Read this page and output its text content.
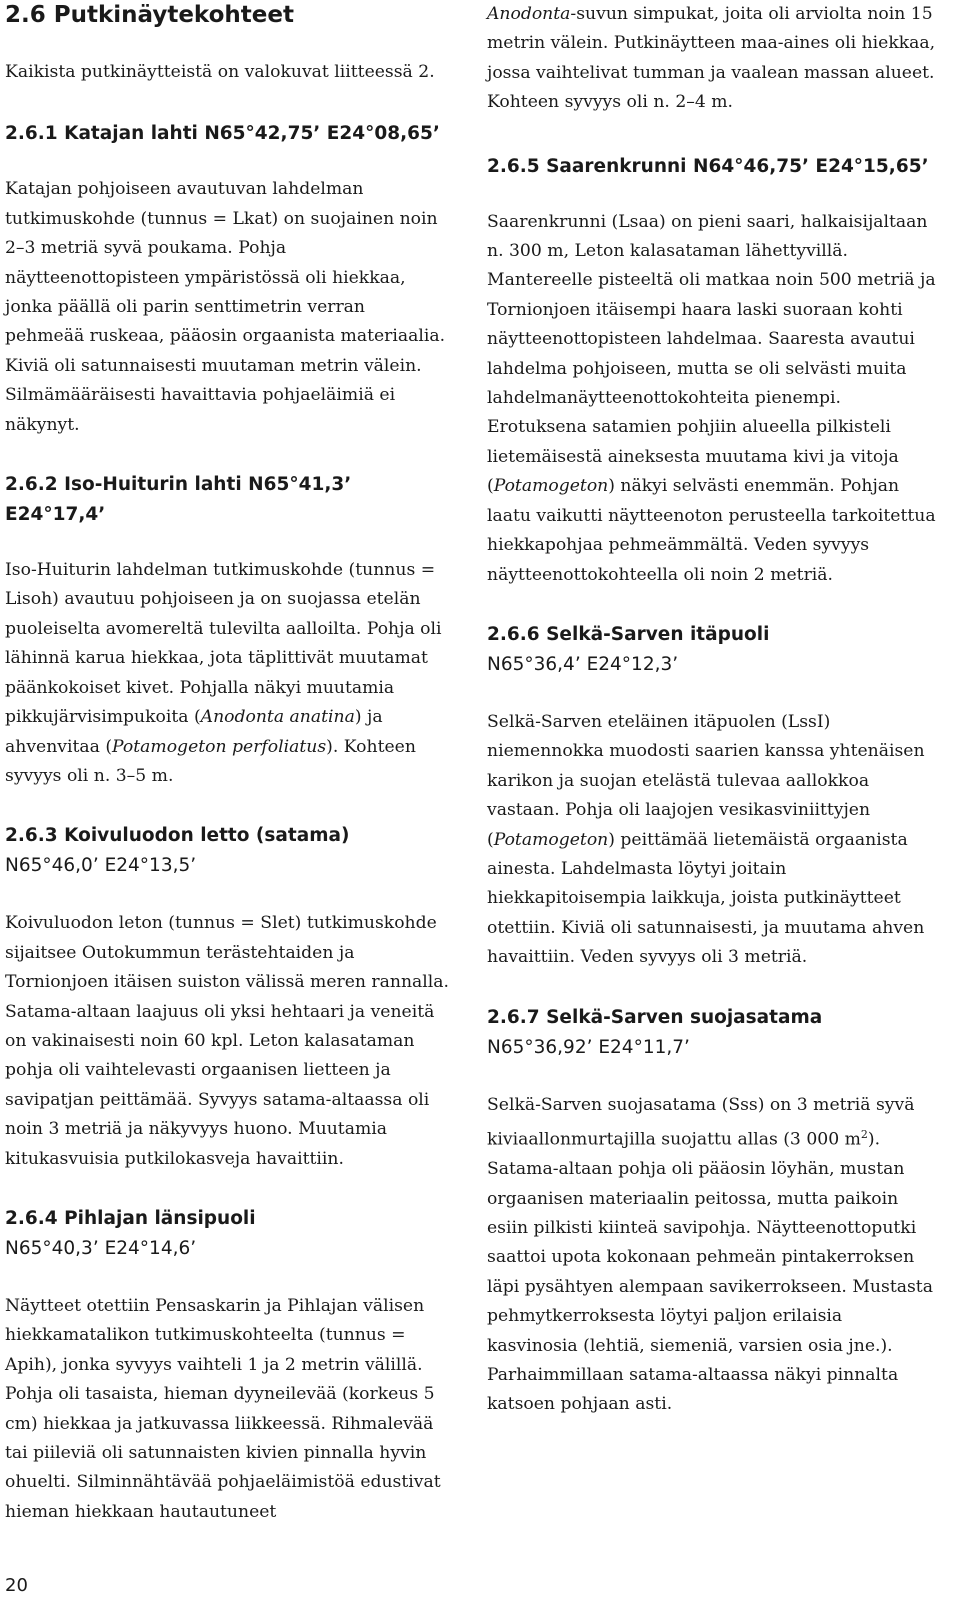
2.6 Putkinäytekohteet

Kaikista putkinäytteistä on valokuvat liitteessä 2.

2.6.1 Katajan lahti N65°42,75’ E24°08,65’

Katajan pohjoiseen avautuvan lahdelman tutkimuskohde (tunnus = Lkat) on suojainen noin 2–3 metriä syvä poukama. Pohja näytteenottopisteen ympäristössä oli hiekkaa, jonka päällä oli parin senttimetrin verran pehmeää ruskeaa, pääosin orgaanista materiaalia. Kiviä oli satunnaisesti muutaman metrin välein. Silmämääräisesti havaittavia pohjaeläimiä ei näkynyt.

2.6.2 Iso-Huiturin lahti N65°41,3’ E24°17,4’

Iso-Huiturin lahdelman tutkimuskohde (tunnus = Lisoh) avautuu pohjoiseen ja on suojassa etelän puoleiselta avomereltä tulevilta aalloilta. Pohja oli lähinnä karua hiekkaa, jota täplittivät muutamat päänkokoiset kivet. Pohjalla näkyi muutamia pikkujärvisimpukoita (Anodonta anatina) ja ahvenvitaa (Potamogeton perfoliatus). Kohteen syvyys oli n. 3–5 m.

2.6.3 Koivuluodon letto (satama)
N65°46,0’ E24°13,5’

Koivuluodon leton (tunnus = Slet) tutkimuskohde sijaitsee Outokummun terästehtaiden ja Tornionjoen itäisen suiston välissä meren rannalla. Satama-altaan laajuus oli yksi hehtaari ja veneitä on vakinaisesti noin 60 kpl. Leton kalasataman pohja oli vaihtelevasti orgaanisen lietteen ja savipatjan peittämää. Syvyys satama-altaassa oli noin 3 metriä ja näkyvyys huono. Muutamia kitukasvuisia putkilokasveja havaittiin.

2.6.4 Pihlajan länsipuoli
N65°40,3’ E24°14,6’

Näytteet otettiin Pensaskarin ja Pihlajan välisen hiekkamatalikon tutkimuskohteelta (tunnus = Apih), jonka syvyys vaihteli 1 ja 2 metrin välillä. Pohja oli tasaista, hieman dyyneilevää (korkeus 5 cm) hiekkaa ja jatkuvassa liikkeessä. Rihmalevää tai piileviä oli satunnaisten kivien pinnalla hyvin ohuelti. Silminnähtävää pohjaeläimistöä edustivat hieman hiekkaan hautautuneet

Anodonta-suvun simpukat, joita oli arviolta noin 15 metrin välein. Putkinäytteen maa-aines oli hiekkaa, jossa vaihtelivat tumman ja vaalean massan alueet. Kohteen syvyys oli n. 2–4 m.

2.6.5 Saarenkrunni N64°46,75’ E24°15,65’

Saarenkrunni (Lsaa) on pieni saari, halkaisijaltaan n. 300 m, Leton kalasataman lähettyvillä. Mantereelle pisteeltä oli matkaa noin 500 metriä ja Tornionjoen itäisempi haara laski suoraan kohti näytteenottopisteen lahdelmaa. Saaresta avautui lahdelma pohjoiseen, mutta se oli selvästi muita lahdelmanäytteenottokohteita pienempi. Erotuksena satamien pohjiin alueella pilkisteli lietemäisestä aineksesta muutama kivi ja vitoja (Potamogeton) näkyi selvästi enemmän. Pohjan laatu vaikutti näytteenoton perusteella tarkoitettua hiekkapohjaa pehmeämmältä. Veden syvyys näytteenottokohteella oli noin 2 metriä.

2.6.6 Selkä-Sarven itäpuoli
N65°36,4’ E24°12,3’

Selkä-Sarven eteläinen itäpuolen (LssI) niemennokka muodosti saarien kanssa yhtenäisen karikon ja suojan etelästä tulevaa aallokkoa vastaan. Pohja oli laajojen vesikasviniittyjen (Potamogeton) peittämää lietemäistä orgaanista ainesta. Lahdelmasta löytyi joitain hiekkapitoisempia laikkuja, joista putkinäytteet otettiin. Kiviä oli satunnaisesti, ja muutama ahven havaittiin. Veden syvyys oli 3 metriä.

2.6.7 Selkä-Sarven suojasatama
N65°36,92’ E24°11,7’

Selkä-Sarven suojasatama (Sss) on 3 metriä syvä kiviaallonmurtajilla suojattu allas (3 000 $m^2$). Satama-altaan pohja oli pääosin löyhän, mustan orgaanisen materiaalin peitossa, mutta paikoin esiin pilkisti kiinteä savipohja. Näytteenottoputki saattoi upota kokonaan pehmeän pintakerroksen läpi pysähtyen alempaan savikerrokseen. Mustasta pehmytkerroksesta löytyi paljon erilaisia kasvinosia (lehtiä, siemeniä, varsien osia jne.). Parhaimmillaan satama-altaassa näkyi pinnalta katsoen pohjaan asti.

20
